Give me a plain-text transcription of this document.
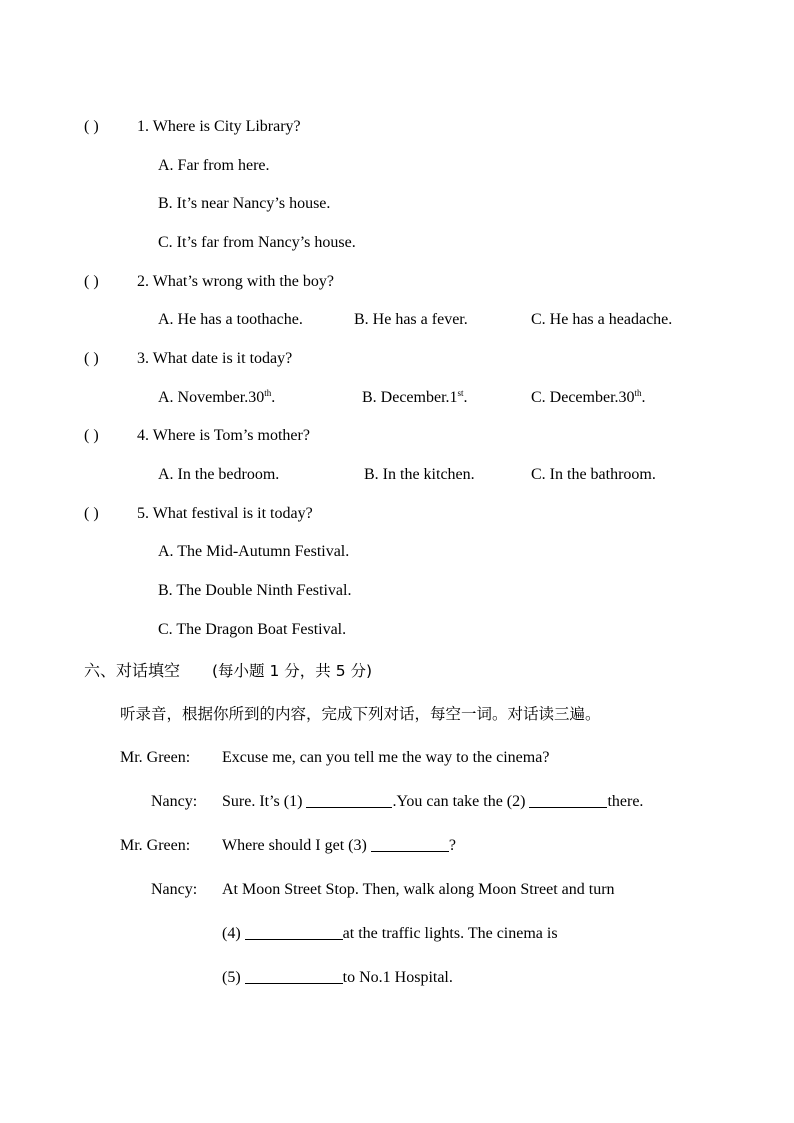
( ) 1. Where is City Library?
A. Far from here.
B. It’s near Nancy’s house.
C. It’s far from Nancy’s house.
( ) 2. What’s wrong with the boy?
A. He has a toothache.	B. He has a fever.	C. He has a headache.
( ) 3. What date is it today?
A. November.30th.	B. December.1st.	C. December.30th.
( ) 4. Where is Tom’s mother?
A. In the bedroom.	B. In the kitchen.	C. In the bathroom.
( ) 5. What festival is it today?
A. The Mid-Autumn Festival.
B. The Double Ninth Festival.
C. The Dragon Boat Festival.
六、对话填空 (每小题 1 分，共 5 分)
听录音，根据你所到的内容，完成下列对话，每空一词。对话读三遍。
Mr. Green: Excuse me, can you tell me the way to the cinema?
Nancy: Sure. It’s (1)	.You can take the (2)	there.
Mr. Green: Where should I get (3)	?
Nancy: At Moon Street Stop. Then, walk along Moon Street and turn
(4)	at the traffic lights. The cinema is
(5)	to No.1 Hospital.
